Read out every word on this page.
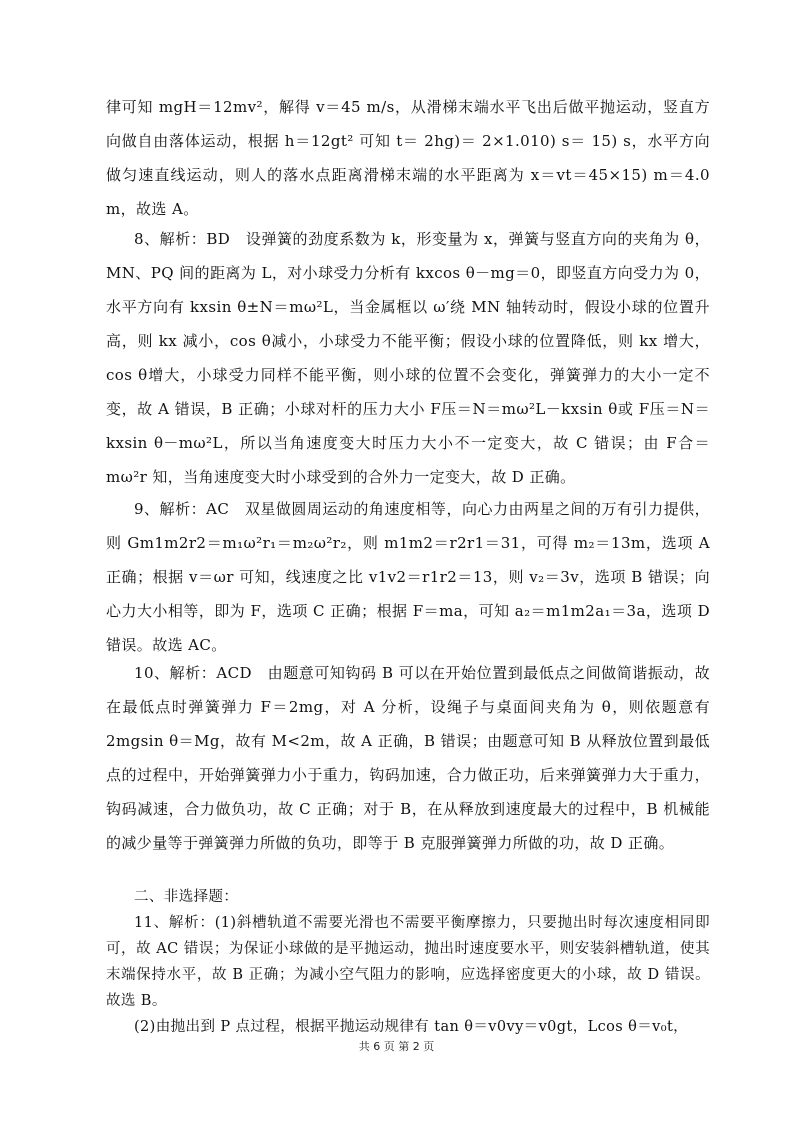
律可知 mgH＝12mv²，解得 v＝45 m/s，从滑梯末端水平飞出后做平抛运动，竖直方向做自由落体运动，根据 h＝12gt² 可知 t＝ 2hg)＝ 2×1.010) s＝ 15) s，水平方向做匀速直线运动，则人的落水点距离滑梯末端的水平距离为 x＝vt＝45×15) m＝4.0 m，故选 A。

8、解析：BD　设弹簧的劲度系数为 k，形变量为 x，弹簧与竖直方向的夹角为 θ，MN、PQ 间的距离为 L，对小球受力分析有 kxcos θ－mg＝0，即竖直方向受力为 0，水平方向有 kxsin θ±N＝mω²L，当金属框以 ω′绕 MN 轴转动时，假设小球的位置升高，则 kx 减小，cos θ减小，小球受力不能平衡；假设小球的位置降低，则 kx 增大，cos θ增大，小球受力同样不能平衡，则小球的位置不会变化，弹簧弹力的大小一定不变，故 A 错误，B 正确；小球对杆的压力大小 F压＝N＝mω²L－kxsin θ或 F压＝N＝kxsin θ－mω²L，所以当角速度变大时压力大小不一定变大，故 C 错误；由 F合＝mω²r 知，当角速度变大时小球受到的合外力一定变大，故 D 正确。

9、解析：AC　双星做圆周运动的角速度相等，向心力由两星之间的万有引力提供，则 Gm1m2r2＝m₁ω²r₁＝m₂ω²r₂，则 m1m2＝r2r1＝31，可得 m₂＝13m，选项 A 正确；根据 v＝ωr 可知，线速度之比 v1v2＝r1r2＝13，则 v₂＝3v，选项 B 错误；向心力大小相等，即为 F，选项 C 正确；根据 F＝ma，可知 a₂＝m1m2a₁＝3a，选项 D 错误。故选 AC。

10、解析：ACD　由题意可知钩码 B 可以在开始位置到最低点之间做简谐振动，故在最低点时弹簧弹力 F＝2mg，对 A 分析，设绳子与桌面间夹角为 θ，则依题意有 2mgsin θ＝Mg，故有 M<2m，故 A 正确，B 错误；由题意可知 B 从释放位置到最低点的过程中，开始弹簧弹力小于重力，钩码加速，合力做正功，后来弹簧弹力大于重力，钩码减速，合力做负功，故 C 正确；对于 B，在从释放到速度最大的过程中，B 机械能的减少量等于弹簧弹力所做的负功，即等于 B 克服弹簧弹力所做的功，故 D 正确。

二、非选择题：

11、解析：(1)斜槽轨道不需要光滑也不需要平衡摩擦力，只要抛出时每次速度相同即可，故 AC 错误；为保证小球做的是平抛运动，抛出时速度要水平，则安装斜槽轨道，使其末端保持水平，故 B 正确；为减小空气阻力的影响，应选择密度更大的小球，故 D 错误。故选 B。

(2)由抛出到 P 点过程，根据平抛运动规律有 tan θ＝v0vy＝v0gt，Lcos θ＝v₀t，

共 6 页 第 2 页
